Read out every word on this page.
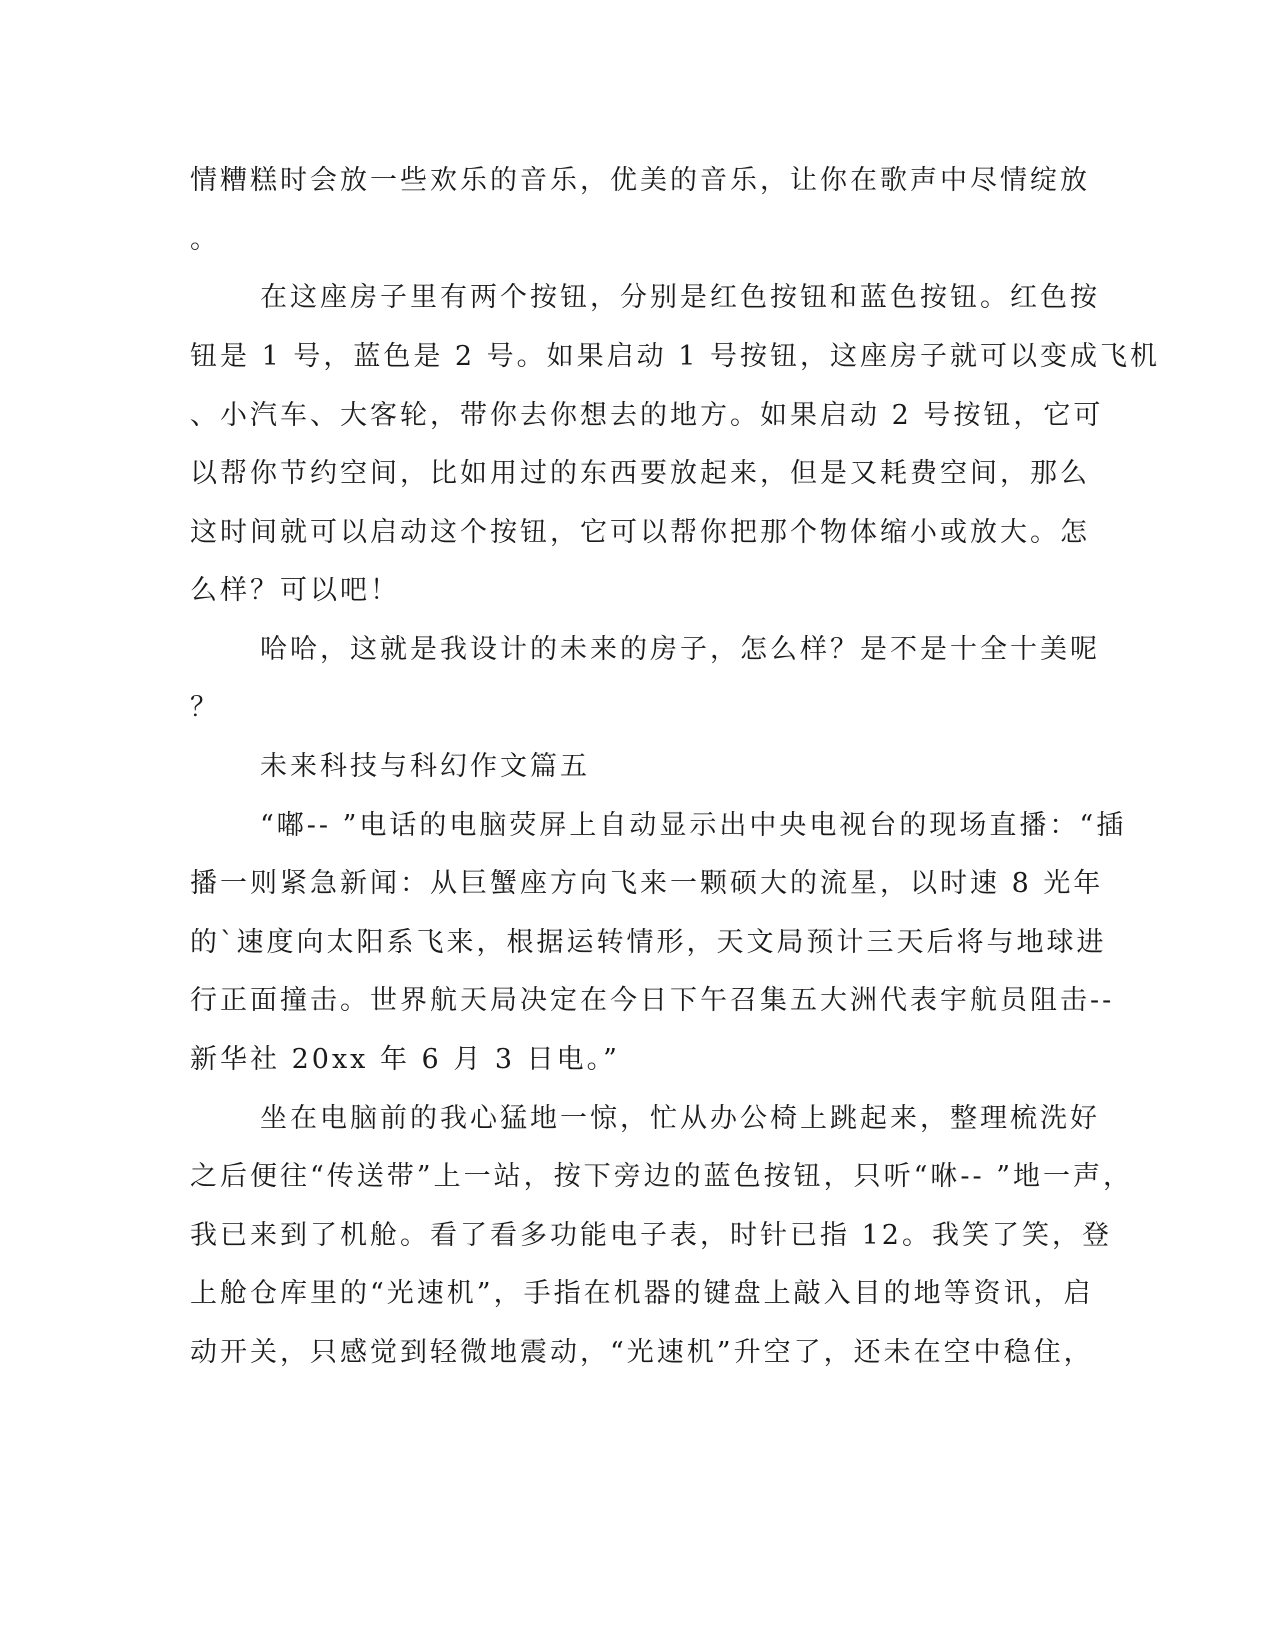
情糟糕时会放一些欢乐的音乐，优美的音乐，让你在歌声中尽情绽放
。
在这座房子里有两个按钮，分别是红色按钮和蓝色按钮。红色按
钮是 1 号，蓝色是 2 号。如果启动 1 号按钮，这座房子就可以变成飞机
、小汽车、大客轮，带你去你想去的地方。如果启动 2 号按钮，它可
以帮你节约空间，比如用过的东西要放起来，但是又耗费空间，那么
这时间就可以启动这个按钮，它可以帮你把那个物体缩小或放大。怎
么样？可以吧！
哈哈，这就是我设计的未来的房子，怎么样？是不是十全十美呢
？
未来科技与科幻作文篇五
“嘟-- ”电话的电脑荧屏上自动显示出中央电视台的现场直播：“插
播一则紧急新闻：从巨蟹座方向飞来一颗硕大的流星，以时速 8 光年
的`速度向太阳系飞来，根据运转情形，天文局预计三天后将与地球进
行正面撞击。世界航天局决定在今日下午召集五大洲代表宇航员阻击--
新华社 20xx 年 6 月 3 日电。”
坐在电脑前的我心猛地一惊，忙从办公椅上跳起来，整理梳洗好
之后便往“传送带”上一站，按下旁边的蓝色按钮，只听“咻-- ”地一声，
我已来到了机舱。看了看多功能电子表，时针已指 12。我笑了笑，登
上舱仓库里的“光速机”，手指在机器的键盘上敲入目的地等资讯，启
动开关，只感觉到轻微地震动，“光速机”升空了，还未在空中稳住，
